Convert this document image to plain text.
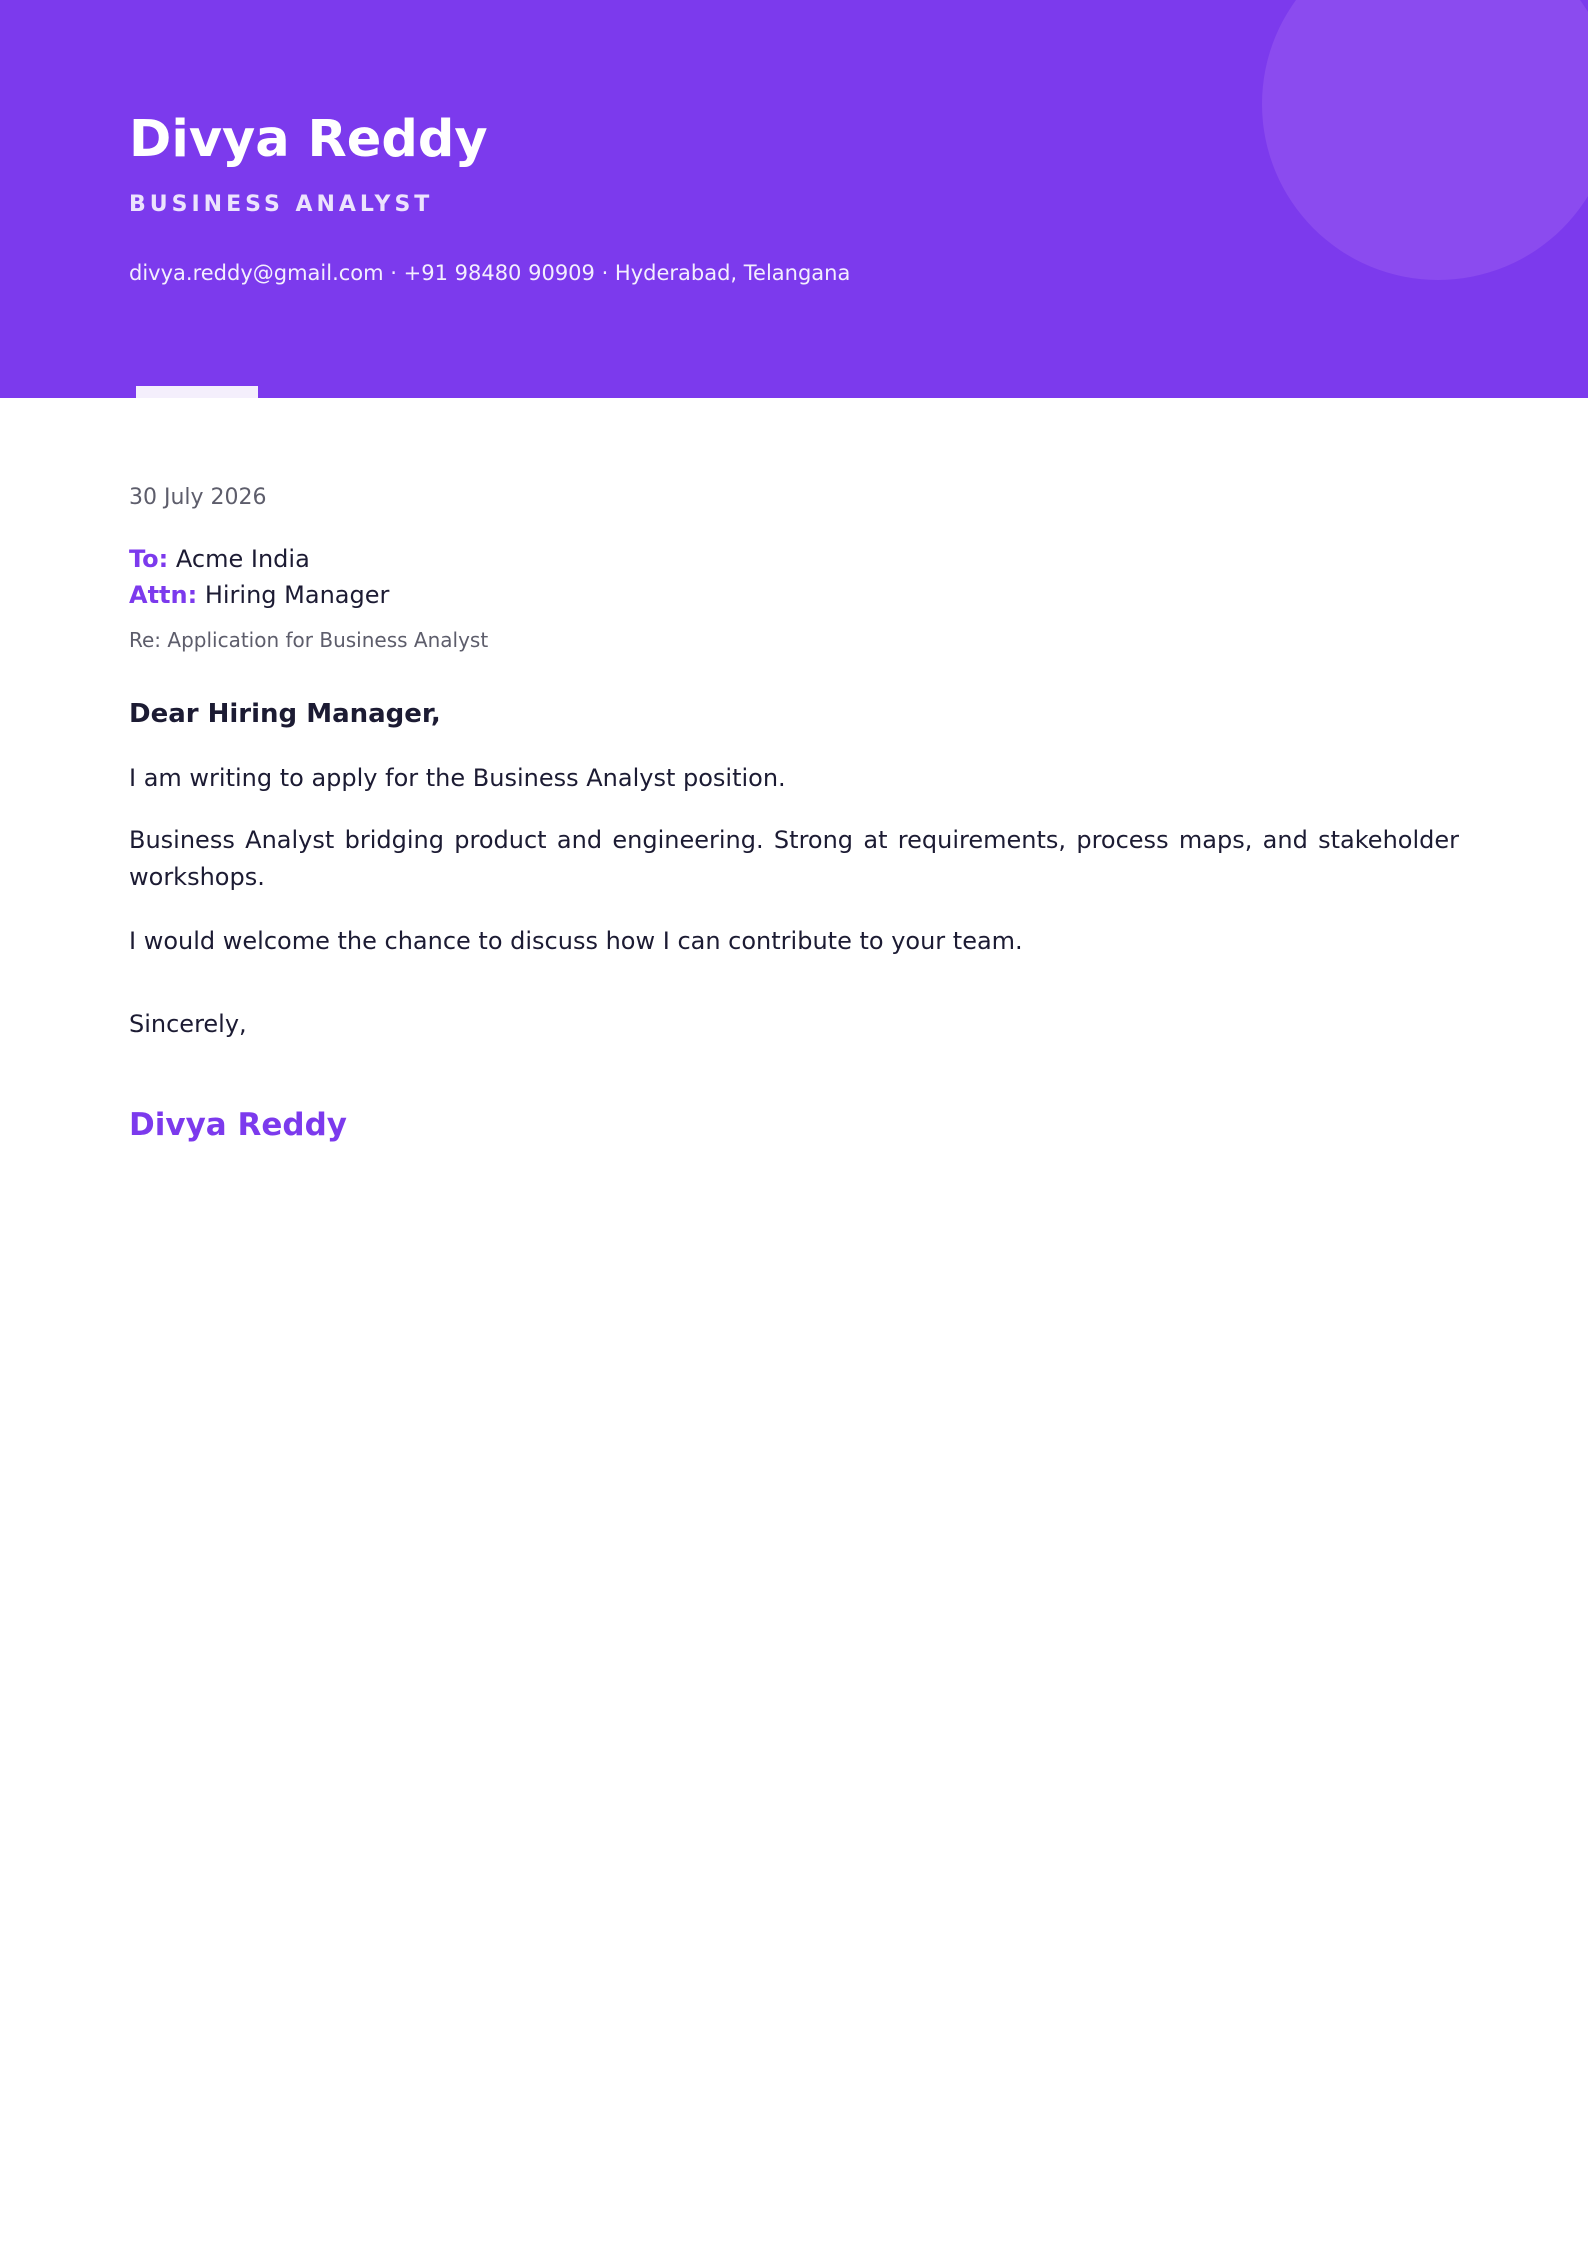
Divya Reddy
BUSINESS ANALYST
divya.reddy@gmail.com · +91 98480 90909 · Hyderabad, Telangana
30 July 2026
To: Acme India
Attn: Hiring Manager
Re: Application for Business Analyst
Dear Hiring Manager,

I am writing to apply for the Business Analyst position.

Business Analyst bridging product and engineering. Strong at requirements, process maps, and stakeholder workshops.

I would welcome the chance to discuss how I can contribute to your team.

Sincerely,
Divya Reddy
